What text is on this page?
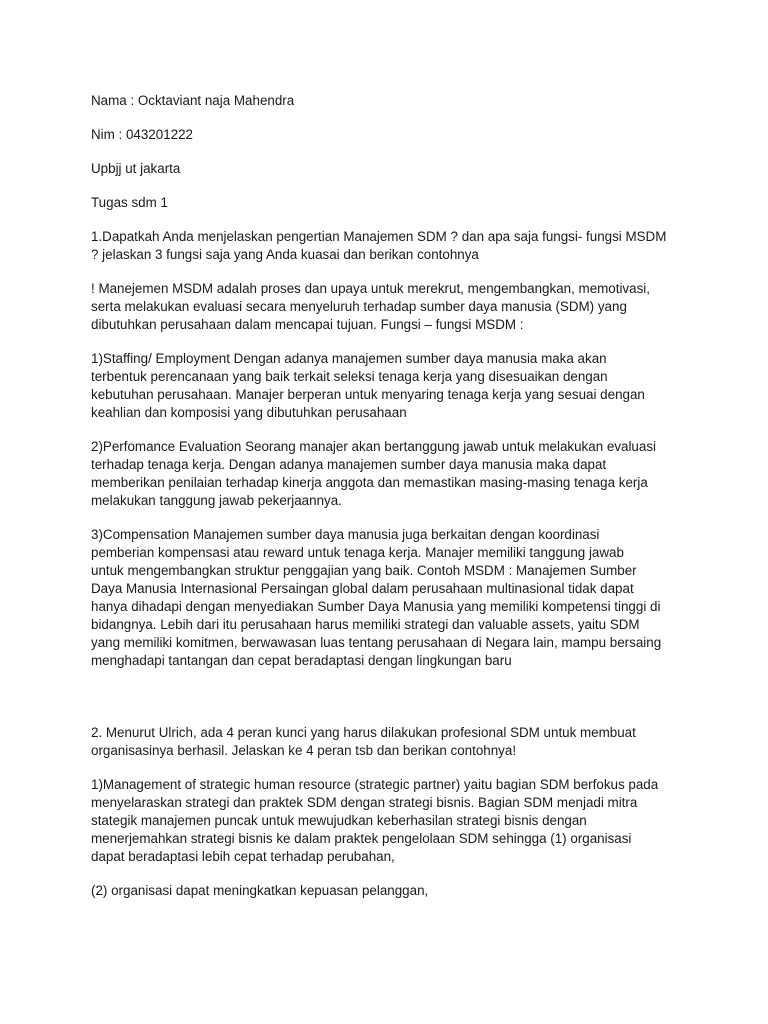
Nama : Ocktaviant naja Mahendra

Nim : 043201222

Upbjj ut jakarta

Tugas sdm 1

1.Dapatkah Anda menjelaskan pengertian Manajemen SDM ? dan apa saja fungsi- fungsi MSDM

? jelaskan 3 fungsi saja yang Anda kuasai dan berikan contohnya

! Manejemen MSDM adalah proses dan upaya untuk merekrut, mengembangkan, memotivasi,

serta melakukan evaluasi secara menyeluruh terhadap sumber daya manusia (SDM) yang

dibutuhkan perusahaan dalam mencapai tujuan. Fungsi – fungsi MSDM :

1)Staffing/ Employment Dengan adanya manajemen sumber daya manusia maka akan

terbentuk perencanaan yang baik terkait seleksi tenaga kerja yang disesuaikan dengan

kebutuhan perusahaan. Manajer berperan untuk menyaring tenaga kerja yang sesuai dengan

keahlian dan komposisi yang dibutuhkan perusahaan

2)Perfomance Evaluation Seorang manajer akan bertanggung jawab untuk melakukan evaluasi

terhadap tenaga kerja. Dengan adanya manajemen sumber daya manusia maka dapat

memberikan penilaian terhadap kinerja anggota dan memastikan masing-masing tenaga kerja

melakukan tanggung jawab pekerjaannya.

3)Compensation Manajemen sumber daya manusia juga berkaitan dengan koordinasi

pemberian kompensasi atau reward untuk tenaga kerja. Manajer memiliki tanggung jawab

untuk mengembangkan struktur penggajian yang baik. Contoh MSDM : Manajemen Sumber

Daya Manusia Internasional Persaingan global dalam perusahaan multinasional tidak dapat

hanya dihadapi dengan menyediakan Sumber Daya Manusia yang memiliki kompetensi tinggi di

bidangnya. Lebih dari itu perusahaan harus memiliki strategi dan valuable assets, yaitu SDM

yang memiliki komitmen, berwawasan luas tentang perusahaan di Negara lain, mampu bersaing

menghadapi tantangan dan cepat beradaptasi dengan lingkungan baru

2. Menurut Ulrich, ada 4 peran kunci yang harus dilakukan profesional SDM untuk membuat

organisasinya berhasil. Jelaskan ke 4 peran tsb dan berikan contohnya!

1)Management of strategic human resource (strategic partner) yaitu bagian SDM berfokus pada

menyelaraskan strategi dan praktek SDM dengan strategi bisnis. Bagian SDM menjadi mitra

stategik manajemen puncak untuk mewujudkan keberhasilan strategi bisnis dengan

menerjemahkan strategi bisnis ke dalam praktek pengelolaan SDM sehingga (1) organisasi

dapat beradaptasi lebih cepat terhadap perubahan,

(2) organisasi dapat meningkatkan kepuasan pelanggan,
